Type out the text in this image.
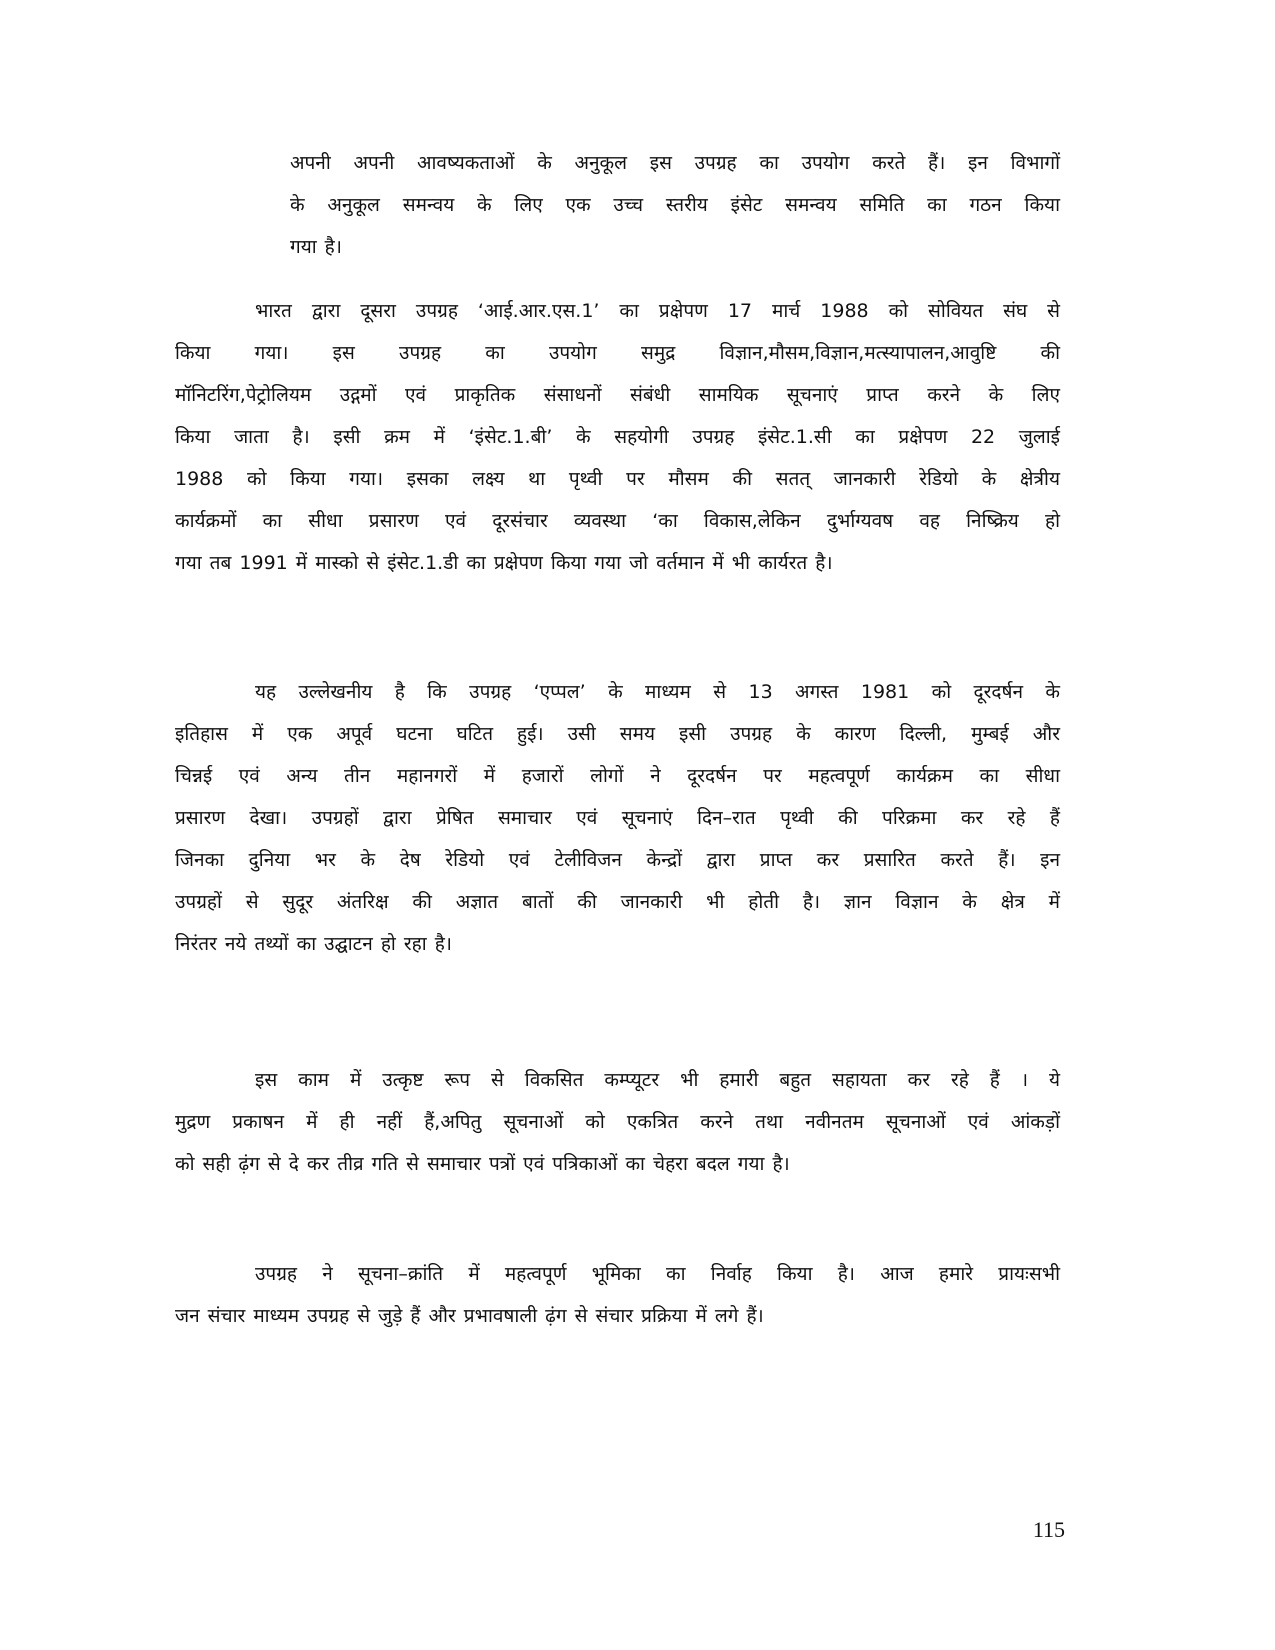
अपनी अपनी आवष्यकताओं के अनुकूल इस उपग्रह का उपयोग करते हैं। इन विभागों
के अनुकूल समन्वय के लिए एक उच्च स्तरीय इंसेट समन्वय समिति का गठन किया
गया है।

भारत द्वारा दूसरा उपग्रह ‘आई.आर.एस.1’ का प्रक्षेपण 17 मार्च 1988 को सोवियत संघ से
किया गया। इस उपग्रह का उपयोग समुद्र विज्ञान,मौसम,विज्ञान,मत्स्यापालन,आवुष्टि की
मॉनिटरिंग,पेट्रोलियम उद्गमों एवं प्राकृतिक संसाधनों संबंधी सामयिक सूचनाएं प्राप्त करने के लिए
किया जाता है। इसी क्रम में ‘इंसेट.1.बी’ के सहयोगी उपग्रह इंसेट.1.सी का प्रक्षेपण 22 जुलाई
1988 को किया गया। इसका लक्ष्य था पृथ्वी पर मौसम की सतत् जानकारी रेडियो के क्षेत्रीय
कार्यक्रमों का सीधा प्रसारण एवं दूरसंचार व्यवस्था ‘का विकास,लेकिन दुर्भाग्यवष वह निष्क्रिय हो
गया तब 1991 में मास्को से इंसेट.1.डी का प्रक्षेपण किया गया जो वर्तमान में भी कार्यरत है।

यह उल्लेखनीय है कि उपग्रह ‘एप्पल’ के माध्यम से 13 अगस्त 1981 को दूरदर्षन के
इतिहास में एक अपूर्व घटना घटित हुई। उसी समय इसी उपग्रह के कारण दिल्ली, मुम्बई और
चिन्नई एवं अन्य तीन महानगरों में हजारों लोगों ने दूरदर्षन पर महत्वपूर्ण कार्यक्रम का सीधा
प्रसारण देखा। उपग्रहों द्वारा प्रेषित समाचार एवं सूचनाएं दिन–रात पृथ्वी की परिक्रमा कर रहे हैं
जिनका दुनिया भर के देष रेडियो एवं टेलीविजन केन्द्रों द्वारा प्राप्त कर प्रसारित करते हैं। इन
उपग्रहों से सुदूर अंतरिक्ष की अज्ञात बातों की जानकारी भी होती है। ज्ञान विज्ञान के क्षेत्र में
निरंतर नये तथ्यों का उद्घाटन हो रहा है।

इस काम में उत्कृष्ट रूप से विकसित कम्प्यूटर भी हमारी बहुत सहायता कर रहे हैं । ये
मुद्रण प्रकाषन में ही नहीं हैं,अपितु सूचनाओं को एकत्रित करने तथा नवीनतम सूचनाओं एवं आंकड़ों
को सही ढ़ंग से दे कर तीव्र गति से समाचार पत्रों एवं पत्रिकाओं का चेहरा बदल गया है।

उपग्रह ने सूचना–क्रांति में महत्वपूर्ण भूमिका का निर्वाह किया है। आज हमारे प्रायःसभी
जन संचार माध्यम उपग्रह से जुड़े हैं और प्रभावषाली ढ़ंग से संचार प्रक्रिया में लगे हैं।

115
